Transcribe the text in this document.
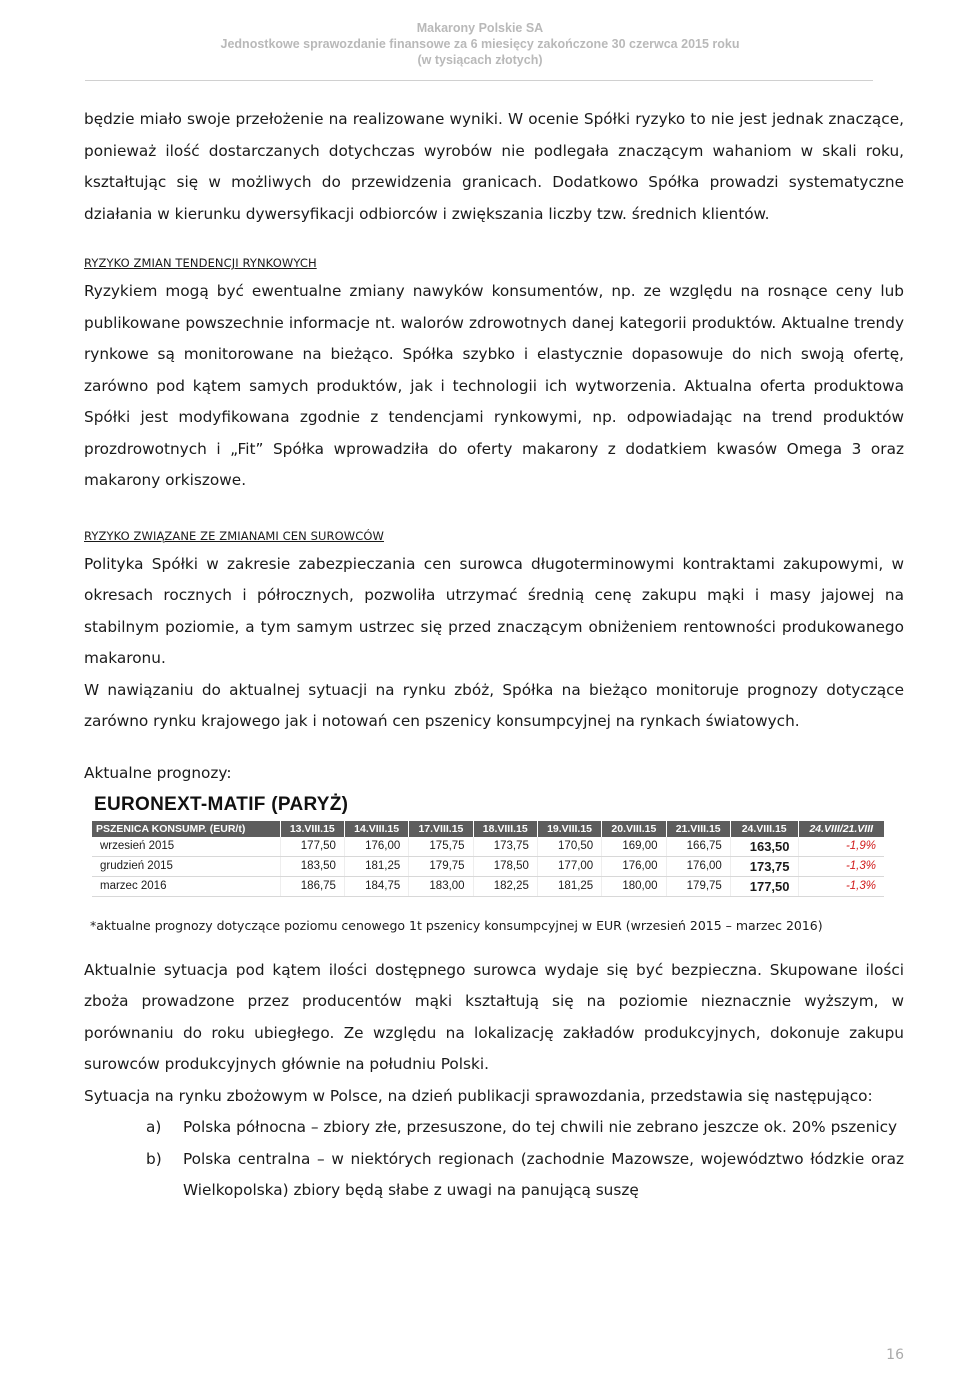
Makarony Polskie SA
Jednostkowe sprawozdanie finansowe za 6 miesięcy zakończone 30 czerwca 2015 roku
(w tysiącach złotych)

będzie miało swoje przełożenie na realizowane wyniki. W ocenie Spółki ryzyko to nie jest jednak znaczące, ponieważ ilość dostarczanych dotychczas wyrobów nie podlegała znaczącym wahaniom w skali roku, kształtując się w możliwych do przewidzenia granicach. Dodatkowo Spółka prowadzi systematyczne działania w kierunku dywersyfikacji odbiorców i zwiększania liczby tzw. średnich klientów.

RYZYKO ZMIAN TENDENCJI RYNKOWYCH

Ryzykiem mogą być ewentualne zmiany nawyków konsumentów, np. ze względu na rosnące ceny lub publikowane powszechnie informacje nt. walorów zdrowotnych danej kategorii produktów. Aktualne trendy rynkowe są monitorowane na bieżąco. Spółka szybko i elastycznie dopasowuje do nich swoją ofertę, zarówno pod kątem samych produktów, jak i technologii ich wytworzenia. Aktualna oferta produktowa Spółki jest modyfikowana zgodnie z tendencjami rynkowymi, np. odpowiadając na trend produktów prozdrowotnych i „Fit” Spółka wprowadziła do oferty makarony z dodatkiem kwasów Omega 3 oraz makarony orkiszowe.

RYZYKO ZWIĄZANE ZE ZMIANAMI CEN SUROWCÓW

Polityka Spółki w zakresie zabezpieczania cen surowca długoterminowymi kontraktami zakupowymi, w okresach rocznych i półrocznych, pozwoliła utrzymać średnią cenę zakupu mąki i masy jajowej na stabilnym poziomie, a tym samym ustrzec się przed znaczącym obniżeniem rentowności produkowanego makaronu.

W nawiązaniu do aktualnej sytuacji na rynku zbóż, Spółka na bieżąco monitoruje prognozy dotyczące zarówno rynku krajowego jak i notowań cen pszenicy konsumpcyjnej na rynkach światowych.

Aktualne prognozy:
EURONEXT-MATIF (PARYŻ)
PSZENICA KONSUMP. (EUR/t)	13.VIII.15	14.VIII.15	17.VIII.15	18.VIII.15	19.VIII.15	20.VIII.15	21.VIII.15	24.VIII.15	24.VIII/21.VIII
wrzesień 2015	177,50	176,00	175,75	173,75	170,50	169,00	166,75	163,50	-1,9%
grudzień 2015	183,50	181,25	179,75	178,50	177,00	176,00	176,00	173,75	-1,3%
marzec 2016	186,75	184,75	183,00	182,25	181,25	180,00	179,75	177,50	-1,3%
*aktualne prognozy dotyczące poziomu cenowego 1t pszenicy konsumpcyjnej w EUR (wrzesień 2015 – marzec 2016)

Aktualnie sytuacja pod kątem ilości dostępnego surowca wydaje się być bezpieczna. Skupowane ilości zboża prowadzone przez producentów mąki kształtują się na poziomie nieznacznie wyższym, w porównaniu do roku ubiegłego. Ze względu na lokalizację zakładów produkcyjnych, dokonuje zakupu surowców produkcyjnych głównie na południu Polski.

Sytuacja na rynku zbożowym w Polsce, na dzień publikacji sprawozdania, przedstawia się następująco:

a) Polska północna – zbiory złe, przesuszone, do tej chwili nie zebrano jeszcze ok. 20% pszenicy
b) Polska centralna – w niektórych regionach (zachodnie Mazowsze, województwo łódzkie oraz Wielkopolska) zbiory będą słabe z uwagi na panującą suszę
16
